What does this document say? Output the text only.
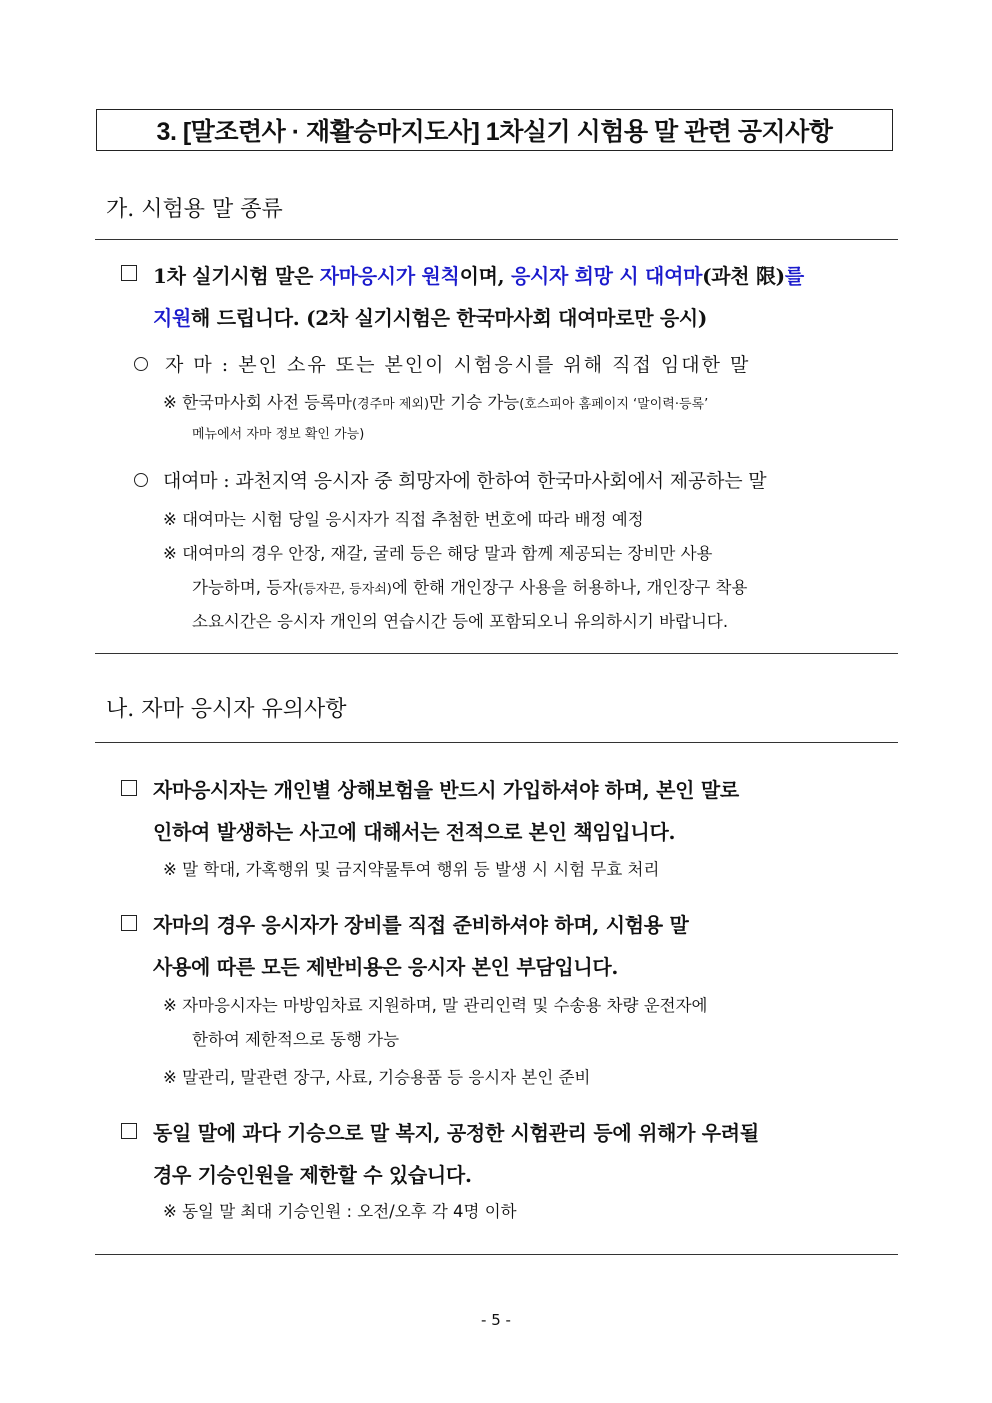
3. [말조련사 · 재활승마지도사] 1차실기 시험용 말 관련 공지사항
가. 시험용 말 종류
1차 실기시험 말은 자마응시가 원칙이며, 응시자 희망 시 대여마(과천 限)를
지원해 드립니다. (2차 실기시험은 한국마사회 대여마로만 응시)
자 마 : 본인 소유 또는 본인이 시험응시를 위해 직접 임대한 말
※ 한국마사회 사전 등록마(경주마 제외)만 기승 가능(호스피아 홈페이지 ‘말이력·등록’
메뉴에서 자마 정보 확인 가능)
대여마 : 과천지역 응시자 중 희망자에 한하여 한국마사회에서 제공하는 말
※ 대여마는 시험 당일 응시자가 직접 추첨한 번호에 따라 배정 예정
※ 대여마의 경우 안장, 재갈, 굴레 등은 해당 말과 함께 제공되는 장비만 사용
가능하며, 등자(등자끈, 등자쇠)에 한해 개인장구 사용을 허용하나, 개인장구 착용
소요시간은 응시자 개인의 연습시간 등에 포함되오니 유의하시기 바랍니다.
나. 자마 응시자 유의사항
자마응시자는 개인별 상해보험을 반드시 가입하셔야 하며, 본인 말로
인하여 발생하는 사고에 대해서는 전적으로 본인 책임입니다.
※ 말 학대, 가혹행위 및 금지약물투여 행위 등 발생 시 시험 무효 처리
자마의 경우 응시자가 장비를 직접 준비하셔야 하며, 시험용 말
사용에 따른 모든 제반비용은 응시자 본인 부담입니다.
※ 자마응시자는 마방임차료 지원하며, 말 관리인력 및 수송용 차량 운전자에
한하여 제한적으로 동행 가능
※ 말관리, 말관련 장구, 사료, 기승용품 등 응시자 본인 준비
동일 말에 과다 기승으로 말 복지, 공정한 시험관리 등에 위해가 우려될
경우 기승인원을 제한할 수 있습니다.
※ 동일 말 최대 기승인원 : 오전/오후 각 4명 이하
- 5 -
